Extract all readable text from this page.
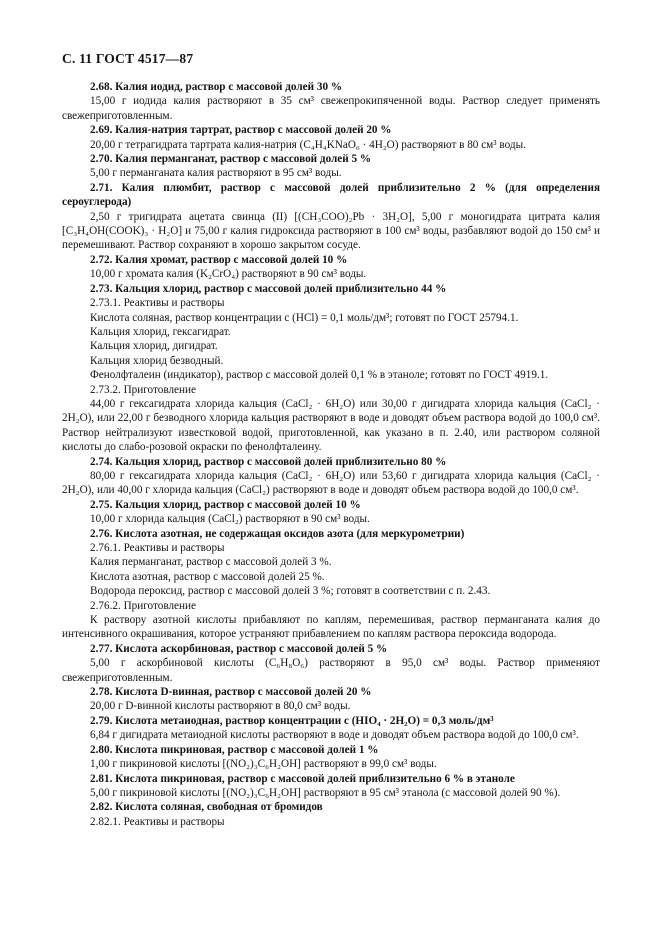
С. 11 ГОСТ 4517—87

2.68. Калия иодид, раствор с массовой долей 30 %

15,00 г иодида калия растворяют в 35 см³ свежепрокипяченной воды. Раствор следует применять свежеприготовленным.

2.69. Калия-натрия тартрат, раствор с массовой долей 20 %

20,00 г тетрагидрата тартрата калия-натрия (C₄H₄KNaO₆ · 4H₂O) растворяют в 80 см³ воды.

2.70. Калия перманганат, раствор с массовой долей 5 %

5,00 г перманганата калия растворяют в 95 см³ воды.

2.71. Калия плюмбит, раствор с массовой долей приблизительно 2 % (для определения сероуглерода)

2,50 г тригидрата ацетата свинца (II) [(CH₃COO)₂Pb · 3H₂O], 5,00 г моногидрата цитрата калия [C₃H₄OH(COOK)₃ · H₂O] и 75,00 г калия гидроксида растворяют в 100 см³ воды, разбавляют водой до 150 см³ и перемешивают. Раствор сохраняют в хорошо закрытом сосуде.

2.72. Калия хромат, раствор с массовой долей 10 %

10,00 г хромата калия (K₂CrO₄) растворяют в 90 см³ воды.

2.73. Кальция хлорид, раствор с массовой долей приблизительно 44 %

2.73.1. Реактивы и растворы

Кислота соляная, раствор концентрации c (HCl) = 0,1 моль/дм³; готовят по ГОСТ 25794.1.

Кальция хлорид, гексагидрат.

Кальция хлорид, дигидрат.

Кальция хлорид безводный.

Фенолфталеин (индикатор), раствор с массовой долей 0,1 % в этаноле; готовят по ГОСТ 4919.1.

2.73.2. Приготовление

44,00 г гексагидрата хлорида кальция (CaCl₂ · 6H₂O) или 30,00 г дигидрата хлорида кальция (CaCl₂ · 2H₂O), или 22,00 г безводного хлорида кальция растворяют в воде и доводят объем раствора водой до 100,0 см³. Раствор нейтрализуют известковой водой, приготовленной, как указано в п. 2.40, или раствором соляной кислоты до слабо-розовой окраски по фенолфталеину.

2.74. Кальция хлорид, раствор с массовой долей приблизительно 80 %

80,00 г гексагидрата хлорида кальция (CaCl₂ · 6H₂O) или 53,60 г дигидрата хлорида кальция (CaCl₂ · 2H₂O), или 40,00 г хлорида кальция (CaCl₂) растворяют в воде и доводят объем раствора водой до 100,0 см³.

2.75. Кальция хлорид, раствор с массовой долей 10 %

10,00 г хлорида кальция (CaCl₂) растворяют в 90 см³ воды.

2.76. Кислота азотная, не содержащая оксидов азота (для меркурометрии)

2.76.1. Реактивы и растворы

Калия перманганат, раствор с массовой долей 3 %.

Кислота азотная, раствор с массовой долей 25 %.

Водорода пероксид, раствор с массовой долей 3 %; готовят в соответствии с п. 2.43.

2.76.2. Приготовление

К раствору азотной кислоты прибавляют по каплям, перемешивая, раствор перманганата калия до интенсивного окрашивания, которое устраняют прибавлением по каплям раствора пероксида водорода.

2.77. Кислота аскорбиновая, раствор с массовой долей 5 %

5,00 г аскорбиновой кислоты (C₆H₈O₆) растворяют в 95,0 см³ воды. Раствор применяют свежеприготовленным.

2.78. Кислота D-винная, раствор с массовой долей 20 %

20,00 г D-винной кислоты растворяют в 80,0 см³ воды.

2.79. Кислота метаиодная, раствор концентрации c (HIO₄ · 2H₂O) = 0,3 моль/дм³

6,84 г дигидрата метаиодной кислоты растворяют в воде и доводят объем раствора водой до 100,0 см³.

2.80. Кислота пикриновая, раствор с массовой долей 1 %

1,00 г пикриновой кислоты [(NO₂)₃C₆H₂OH] растворяют в 99,0 см³ воды.

2.81. Кислота пикриновая, раствор с массовой долей приблизительно 6 % в этаноле

5,00 г пикриновой кислоты [(NO₂)₃C₆H₂OH] растворяют в 95 см³ этанола (с массовой долей 90 %).

2.82. Кислота соляная, свободная от бромидов

2.82.1. Реактивы и растворы
